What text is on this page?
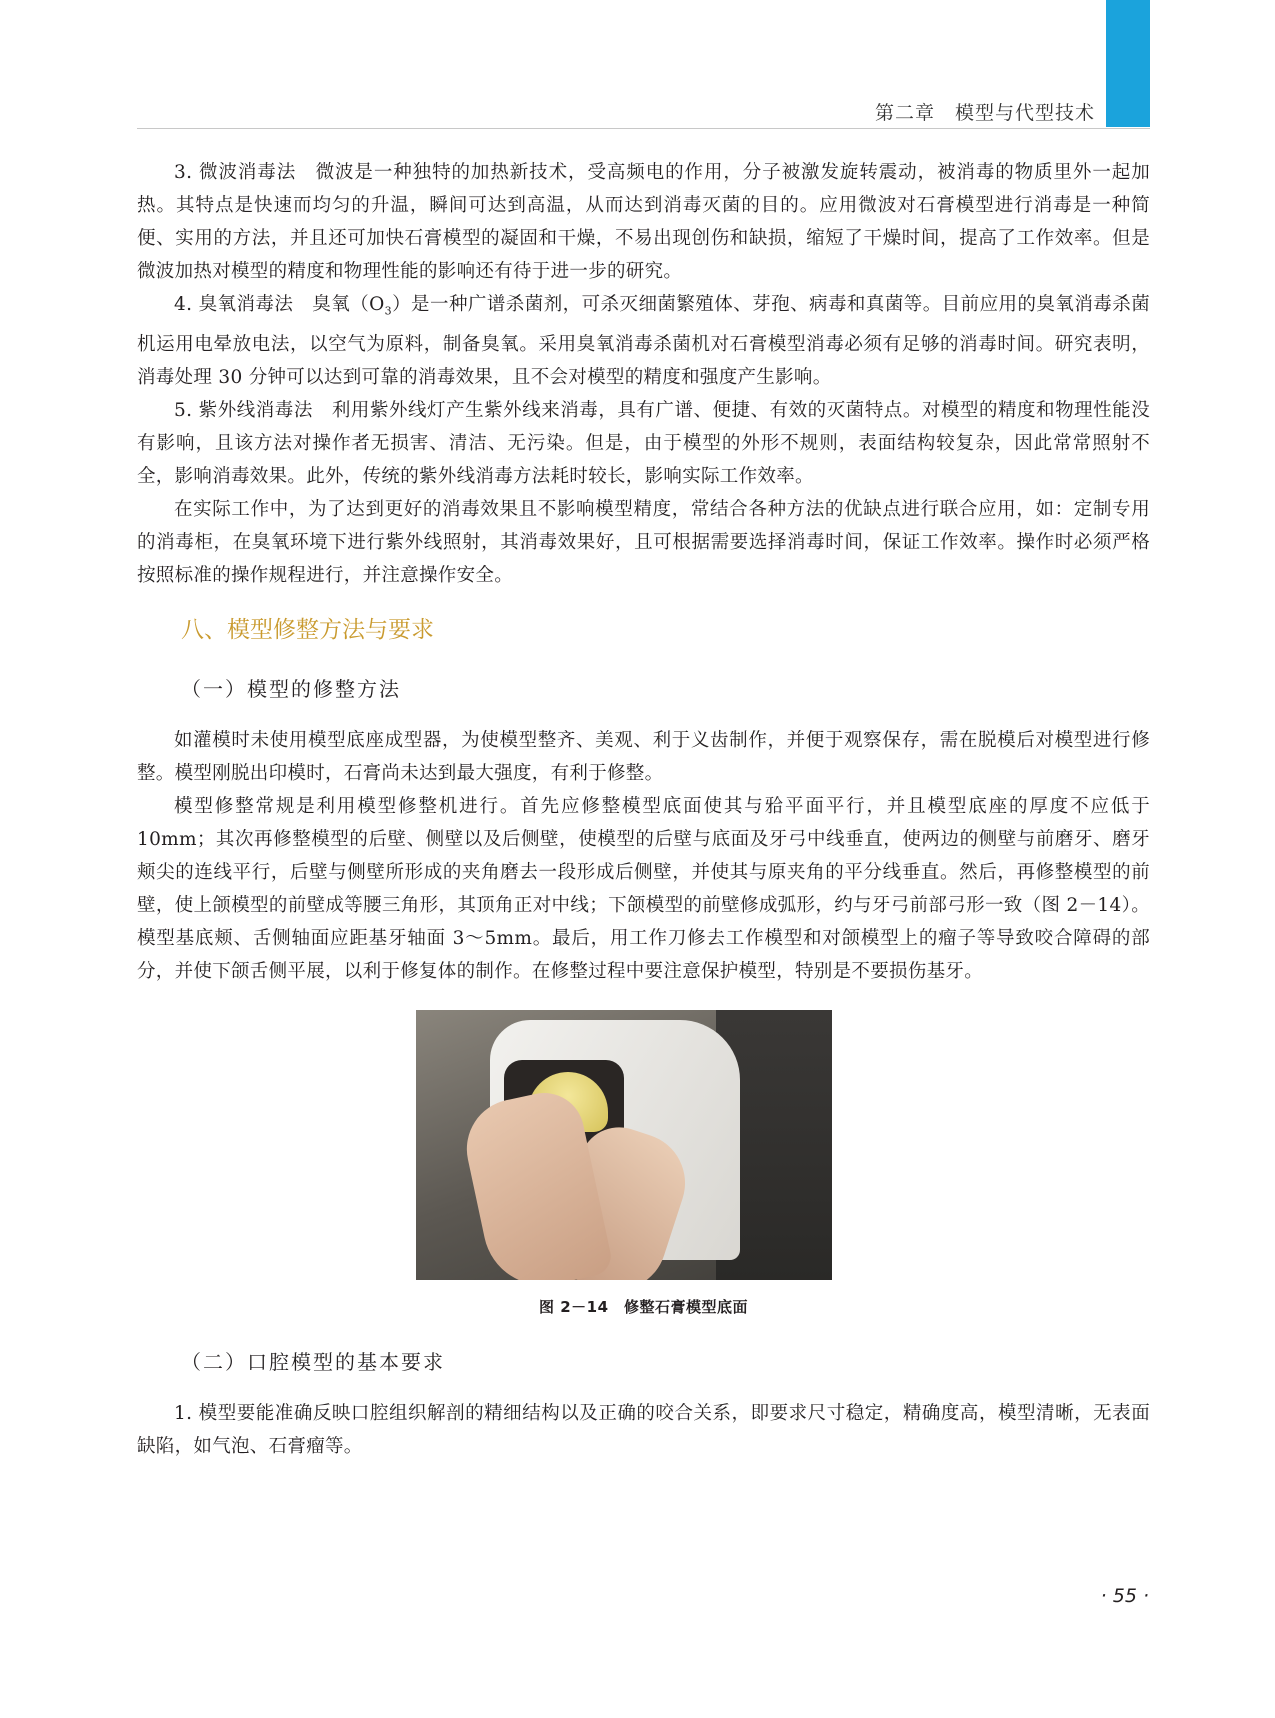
第二章　模型与代型技术

3. 微波消毒法　微波是一种独特的加热新技术，受高频电的作用，分子被激发旋转震动，被消毒的物质里外一起加热。其特点是快速而均匀的升温，瞬间可达到高温，从而达到消毒灭菌的目的。应用微波对石膏模型进行消毒是一种简便、实用的方法，并且还可加快石膏模型的凝固和干燥，不易出现创伤和缺损，缩短了干燥时间，提高了工作效率。但是微波加热对模型的精度和物理性能的影响还有待于进一步的研究。

4. 臭氧消毒法　臭氧$(O_3)$是一种广谱杀菌剂，可杀灭细菌繁殖体、芽孢、病毒和真菌等。目前应用的臭氧消毒杀菌机运用电晕放电法，以空气为原料，制备臭氧。采用臭氧消毒杀菌机对石膏模型消毒必须有足够的消毒时间。研究表明，消毒处理 30 分钟可以达到可靠的消毒效果，且不会对模型的精度和强度产生影响。

5. 紫外线消毒法　利用紫外线灯产生紫外线来消毒，具有广谱、便捷、有效的灭菌特点。对模型的精度和物理性能没有影响，且该方法对操作者无损害、清洁、无污染。但是，由于模型的外形不规则，表面结构较复杂，因此常常照射不全，影响消毒效果。此外，传统的紫外线消毒方法耗时较长，影响实际工作效率。

在实际工作中，为了达到更好的消毒效果且不影响模型精度，常结合各种方法的优缺点进行联合应用，如：定制专用的消毒柜，在臭氧环境下进行紫外线照射，其消毒效果好，且可根据需要选择消毒时间，保证工作效率。操作时必须严格按照标准的操作规程进行，并注意操作安全。

八、模型修整方法与要求
（一）模型的修整方法

如灌模时未使用模型底座成型器，为使模型整齐、美观、利于义齿制作，并便于观察保存，需在脱模后对模型进行修整。模型刚脱出印模时，石膏尚未达到最大强度，有利于修整。

模型修整常规是利用模型修整机进行。首先应修整模型底面使其与𬌗平面平行，并且模型底座的厚度不应低于 10mm；其次再修整模型的后壁、侧壁以及后侧壁，使模型的后壁与底面及牙弓中线垂直，使两边的侧壁与前磨牙、磨牙颊尖的连线平行，后壁与侧壁所形成的夹角磨去一段形成后侧壁，并使其与原夹角的平分线垂直。然后，再修整模型的前壁，使上颌模型的前壁成等腰三角形，其顶角正对中线；下颌模型的前壁修成弧形，约与牙弓前部弓形一致（图 2－14）。模型基底颊、舌侧轴面应距基牙轴面 3～5mm。最后，用工作刀修去工作模型和对颌模型上的瘤子等导致咬合障碍的部分，并使下颌舌侧平展，以利于修复体的制作。在修整过程中要注意保护模型，特别是不要损伤基牙。

图 2－14　修整石膏模型底面
（二）口腔模型的基本要求

1. 模型要能准确反映口腔组织解剖的精细结构以及正确的咬合关系，即要求尺寸稳定，精确度高，模型清晰，无表面缺陷，如气泡、石膏瘤等。

· 55 ·
